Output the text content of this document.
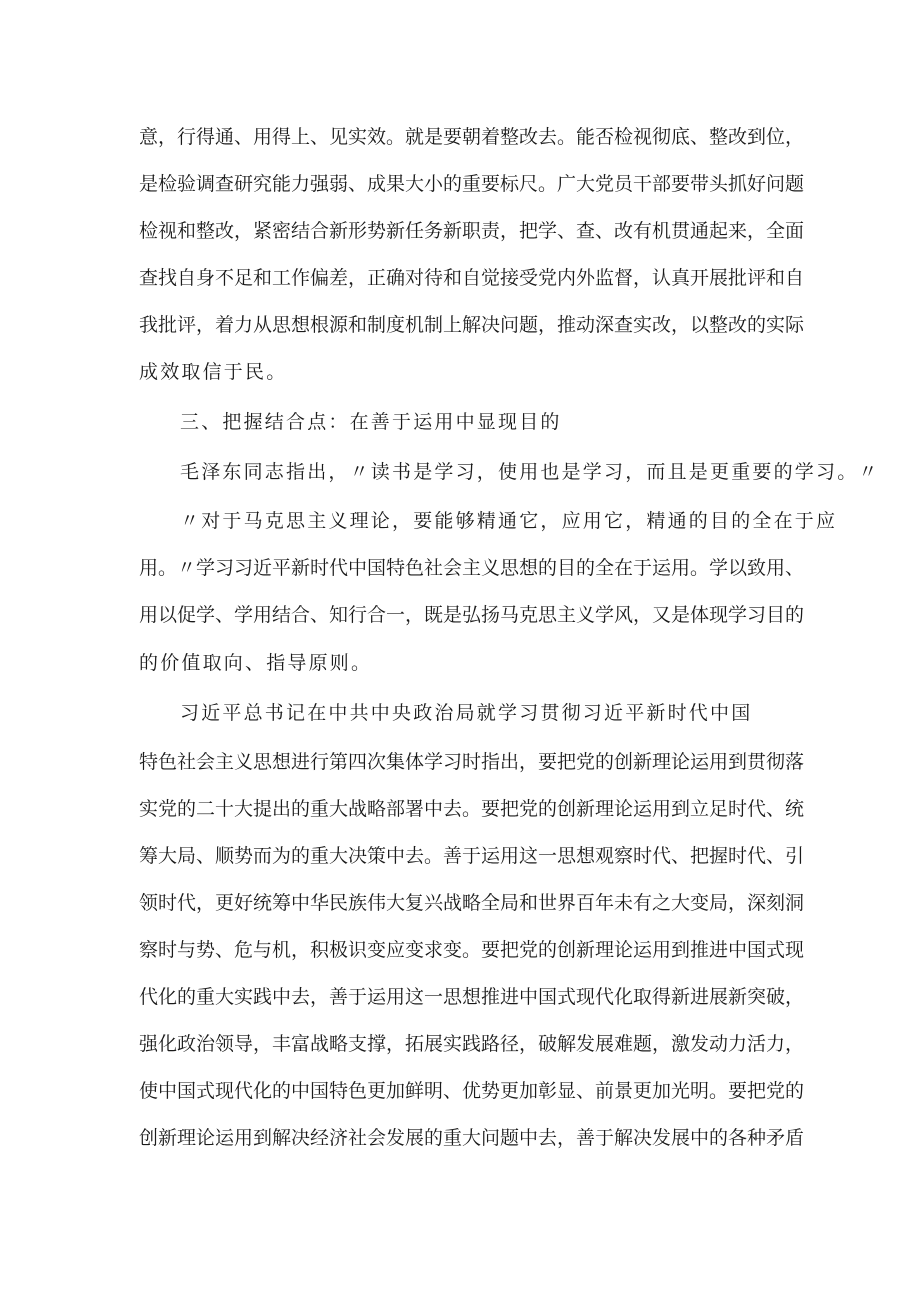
意，行得通、用得上、见实效。就是要朝着整改去。能否检视彻底、整改到位，
是检验调查研究能力强弱、成果大小的重要标尺。广大党员干部要带头抓好问题
检视和整改，紧密结合新形势新任务新职责，把学、查、改有机贯通起来，全面
查找自身不足和工作偏差，正确对待和自觉接受党内外监督，认真开展批评和自
我批评，着力从思想根源和制度机制上解决问题，推动深查实改，以整改的实际
成效取信于民。
三、把握结合点：在善于运用中显现目的
毛泽东同志指出，〃读书是学习，使用也是学习，而且是更重要的学习。〃
〃对于马克思主义理论，要能够精通它，应用它，精通的目的全在于应
用。〃学习习近平新时代中国特色社会主义思想的目的全在于运用。学以致用、
用以促学、学用结合、知行合一，既是弘扬马克思主义学风，又是体现学习目的
的价值取向、指导原则。
习近平总书记在中共中央政治局就学习贯彻习近平新时代中国
特色社会主义思想进行第四次集体学习时指出，要把党的创新理论运用到贯彻落
实党的二十大提出的重大战略部署中去。要把党的创新理论运用到立足时代、统
筹大局、顺势而为的重大决策中去。善于运用这一思想观察时代、把握时代、引
领时代，更好统筹中华民族伟大复兴战略全局和世界百年未有之大变局，深刻洞
察时与势、危与机，积极识变应变求变。要把党的创新理论运用到推进中国式现
代化的重大实践中去，善于运用这一思想推进中国式现代化取得新进展新突破，
强化政治领导，丰富战略支撑，拓展实践路径，破解发展难题，激发动力活力，
使中国式现代化的中国特色更加鲜明、优势更加彰显、前景更加光明。要把党的
创新理论运用到解决经济社会发展的重大问题中去，善于解决发展中的各种矛盾
